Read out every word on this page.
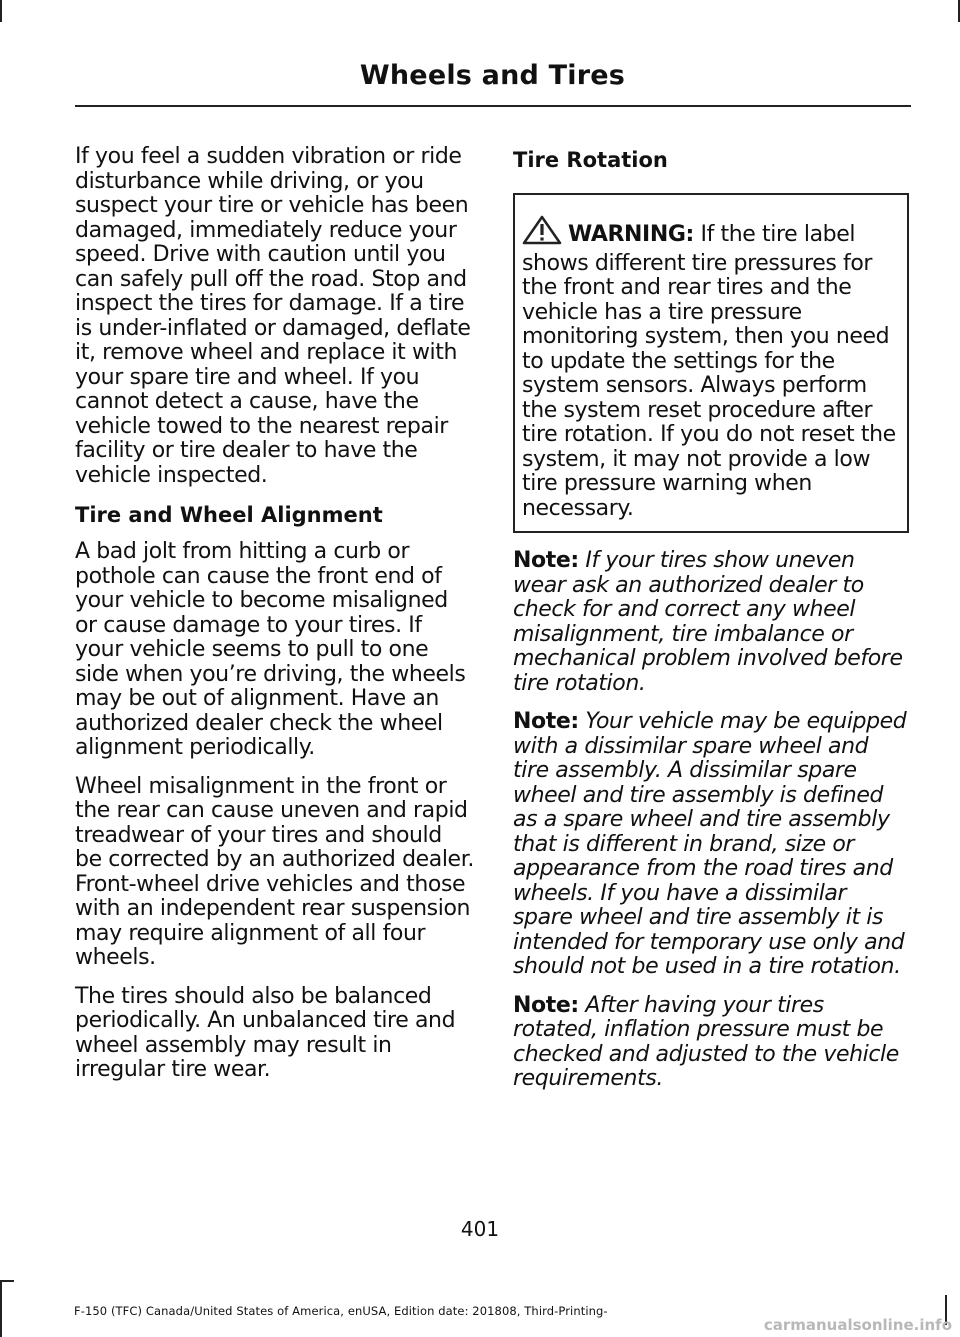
Wheels and Tires

If you feel a sudden vibration or ride disturbance while driving, or you suspect your tire or vehicle has been damaged, immediately reduce your speed. Drive with caution until you can safely pull off the road. Stop and inspect the tires for damage. If a tire is under-inflated or damaged, deflate it, remove wheel and replace it with your spare tire and wheel. If you cannot detect a cause, have the vehicle towed to the nearest repair facility or tire dealer to have the vehicle inspected.

Tire and Wheel Alignment

A bad jolt from hitting a curb or pothole can cause the front end of your vehicle to become misaligned or cause damage to your tires. If your vehicle seems to pull to one side when you’re driving, the wheels may be out of alignment. Have an authorized dealer check the wheel alignment periodically.

Wheel misalignment in the front or the rear can cause uneven and rapid treadwear of your tires and should be corrected by an authorized dealer. Front-wheel drive vehicles and those with an independent rear suspension may require alignment of all four wheels.

The tires should also be balanced periodically. An unbalanced tire and wheel assembly may result in irregular tire wear.

Tire Rotation
WARNING: If the tire label shows different tire pressures for the front and rear tires and the vehicle has a tire pressure monitoring system, then you need to update the settings for the system sensors. Always perform the system reset procedure after tire rotation. If you do not reset the system, it may not provide a low tire pressure warning when necessary.

Note: If your tires show uneven wear ask an authorized dealer to check for and correct any wheel misalignment, tire imbalance or mechanical problem involved before tire rotation.

Note: Your vehicle may be equipped with a dissimilar spare wheel and tire assembly. A dissimilar spare wheel and tire assembly is defined as a spare wheel and tire assembly that is different in brand, size or appearance from the road tires and wheels. If you have a dissimilar spare wheel and tire assembly it is intended for temporary use only and should not be used in a tire rotation.

Note: After having your tires rotated, inflation pressure must be checked and adjusted to the vehicle requirements.

401
F-150 (TFC) Canada/United States of America, enUSA, Edition date: 201808, Third-Printing-
carmanualsonline.info
